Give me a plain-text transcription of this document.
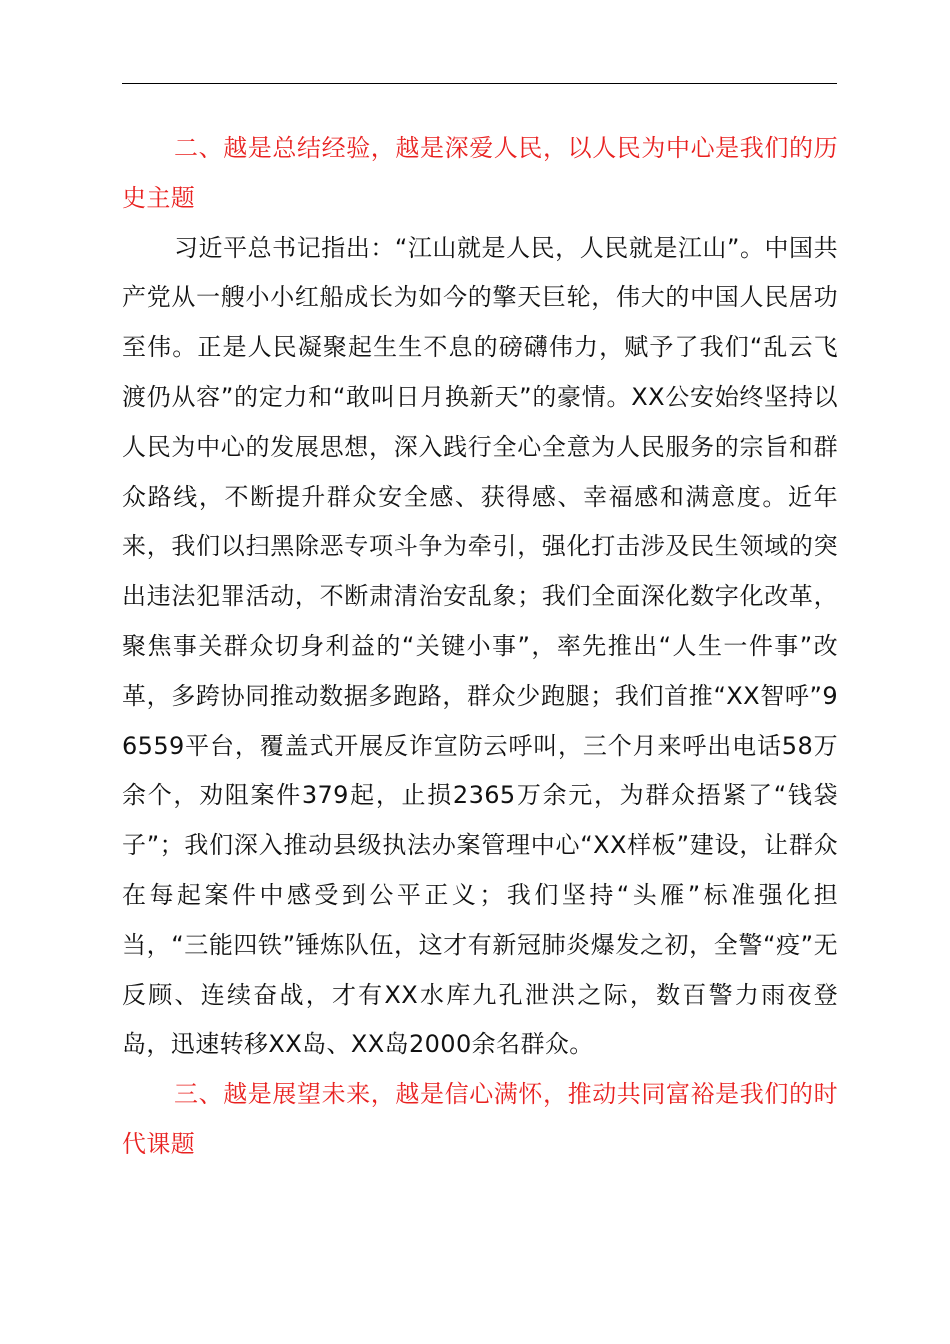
二、越是总结经验，越是深爱人民，以人民为中心是我们的历史主题

习近平总书记指出：“江山就是人民，人民就是江山”。中国共产党从一艘小小红船成长为如今的擎天巨轮，伟大的中国人民居功至伟。正是人民凝聚起生生不息的磅礴伟力，赋予了我们“乱云飞渡仍从容”的定力和“敢叫日月换新天”的豪情。XX公安始终坚持以人民为中心的发展思想，深入践行全心全意为人民服务的宗旨和群众路线，不断提升群众安全感、获得感、幸福感和满意度。近年来，我们以扫黑除恶专项斗争为牵引，强化打击涉及民生领域的突出违法犯罪活动，不断肃清治安乱象；我们全面深化数字化改革，聚焦事关群众切身利益的“关键小事”，率先推出“人生一件事”改革，多跨协同推动数据多跑路，群众少跑腿；我们首推“XX智呼”96559平台，覆盖式开展反诈宣防云呼叫，三个月来呼出电话58万余个，劝阻案件379起，止损2365万余元，为群众捂紧了“钱袋子”；我们深入推动县级执法办案管理中心“XX样板”建设，让群众在每起案件中感受到公平正义；我们坚持“头雁”标准强化担当，“三能四铁”锤炼队伍，这才有新冠肺炎爆发之初，全警“疫”无反顾、连续奋战，才有XX水库九孔泄洪之际，数百警力雨夜登岛，迅速转移XX岛、XX岛2000余名群众。

三、越是展望未来，越是信心满怀，推动共同富裕是我们的时代课题
